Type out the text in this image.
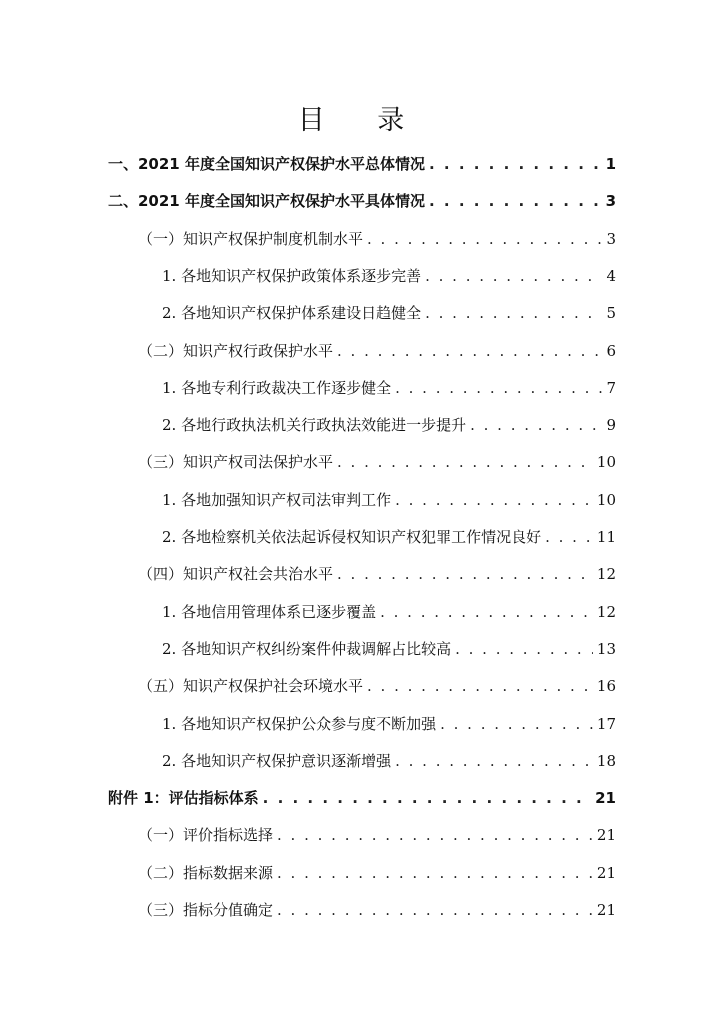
目 录
一、2021 年度全国知识产权保护水平总体情况 . . .	1
二、2021 年度全国知识产权保护水平具体情况 . . .	3
（一）知识产权保护制度机制水平 . . .	3
1. 各地知识产权保护政策体系逐步完善 . . .	4
2. 各地知识产权保护体系建设日趋健全 . . .	5
（二）知识产权行政保护水平 . . .	6
1. 各地专利行政裁决工作逐步健全 . . .	7
2. 各地行政执法机关行政执法效能进一步提升 . . .	9
（三）知识产权司法保护水平 . . .	10
1. 各地加强知识产权司法审判工作 . . .	10
2. 各地检察机关依法起诉侵权知识产权犯罪工作情况良好 . . .	11
（四）知识产权社会共治水平 . . .	12
1. 各地信用管理体系已逐步覆盖 . . .	12
2. 各地知识产权纠纷案件仲裁调解占比较高 . . .	13
（五）知识产权保护社会环境水平 . . .	16
1. 各地知识产权保护公众参与度不断加强 . . .	17
2. 各地知识产权保护意识逐渐增强 . . .	18
附件 1：评估指标体系 . . .	21
（一）评价指标选择 . . .	21
（二）指标数据来源 . . .	21
（三）指标分值确定 . . .	21
